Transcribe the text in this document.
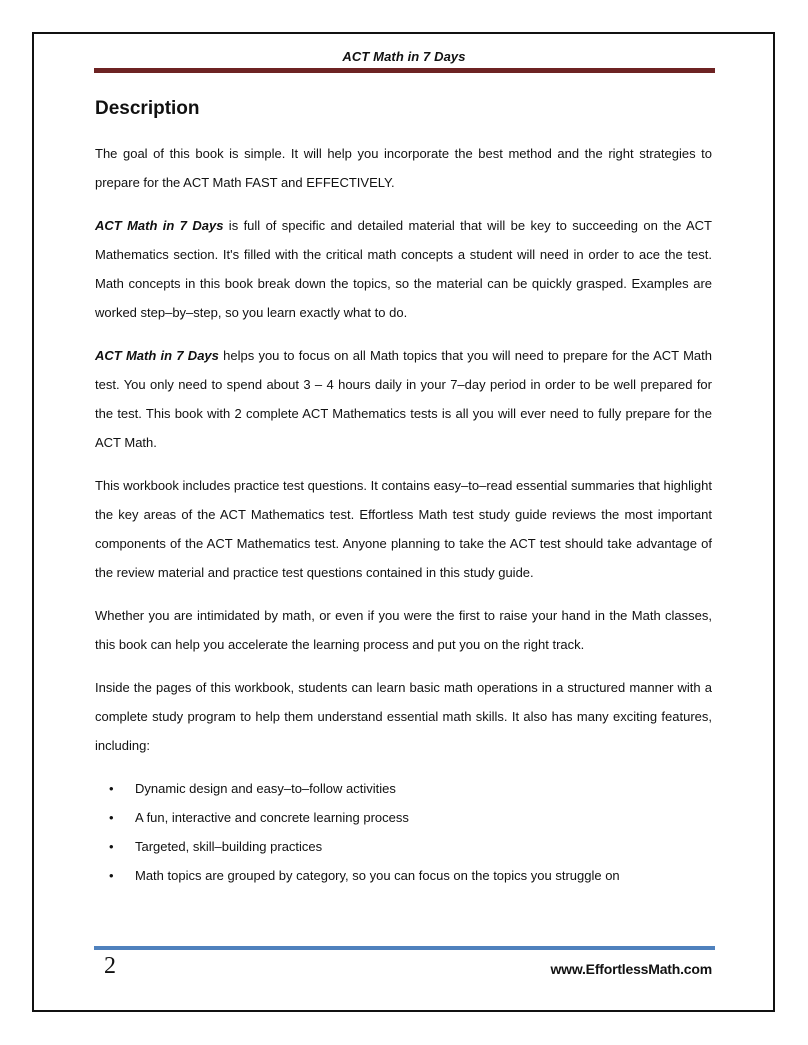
ACT Math in 7 Days
Description

The goal of this book is simple. It will help you incorporate the best method and the right strategies to prepare for the ACT Math FAST and EFFECTIVELY.

ACT Math in 7 Days is full of specific and detailed material that will be key to succeeding on the ACT Mathematics section. It's filled with the critical math concepts a student will need in order to ace the test. Math concepts in this book break down the topics, so the material can be quickly grasped. Examples are worked step–by–step, so you learn exactly what to do.

ACT Math in 7 Days helps you to focus on all Math topics that you will need to prepare for the ACT Math test. You only need to spend about 3 – 4 hours daily in your 7–day period in order to be well prepared for the test. This book with 2 complete ACT Mathematics tests is all you will ever need to fully prepare for the ACT Math.

This workbook includes practice test questions. It contains easy–to–read essential summaries that highlight the key areas of the ACT Mathematics test. Effortless Math test study guide reviews the most important components of the ACT Mathematics test. Anyone planning to take the ACT test should take advantage of the review material and practice test questions contained in this study guide.

Whether you are intimidated by math, or even if you were the first to raise your hand in the Math classes, this book can help you accelerate the learning process and put you on the right track.

Inside the pages of this workbook, students can learn basic math operations in a structured manner with a complete study program to help them understand essential math skills. It also has many exciting features, including:

• Dynamic design and easy–to–follow activities
• A fun, interactive and concrete learning process
• Targeted, skill–building practices
• Math topics are grouped by category, so you can focus on the topics you struggle on
2	www.EffortlessMath.com
